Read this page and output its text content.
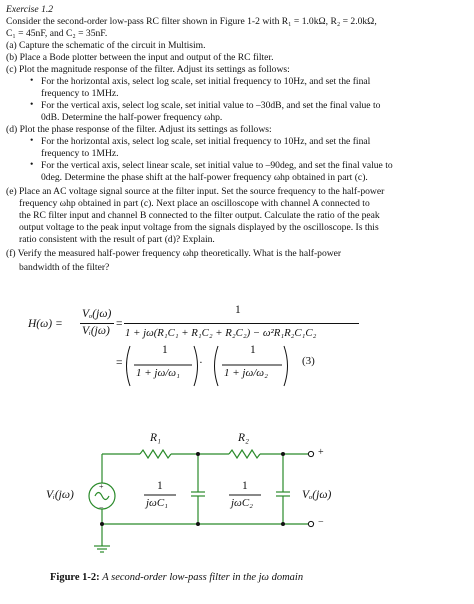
Exercise 1.2
Consider the second-order low-pass RC filter shown in Figure 1-2 with R₁ = 1.0kΩ, R₂ = 2.0kΩ,
C₁ = 45nF, and C₂ = 35nF.
(a) Capture the schematic of the circuit in Multisim.
(b) Place a Bode plotter between the input and output of the RC filter.
(c) Plot the magnitude response of the filter. Adjust its settings as follows:
• For the horizontal axis, select log scale, set initial frequency to 10Hz, and set the final
frequency to 1MHz.
• For the vertical axis, select log scale, set initial value to –30dB, and set the final value to
0dB. Determine the half-power frequency ωhp.
(d) Plot the phase response of the filter. Adjust its settings as follows:
• For the horizontal axis, select log scale, set initial frequency to 10Hz, and set the final
frequency to 1MHz.
• For the vertical axis, select linear scale, set initial value to –90deg, and set the final value to
0deg. Determine the phase shift at the half-power frequency ωhp obtained in part (c).
(e) Place an AC voltage signal source at the filter input. Set the source frequency to the half-power
frequency ωhp obtained in part (c). Next place an oscilloscope with channel A connected to
the RC filter input and channel B connected to the filter output. Calculate the ratio of the peak
output voltage to the peak input voltage from the signals displayed by the oscilloscope. Is this
ratio consistent with the result of part (d)? Explain.
(f) Verify the measured half-power frequency ωhp theoretically. What is the half-power
bandwidth of the filter?
H(ω) =
Vₒ(jω)
Vᵢ(jω)
=
1
1 + jω(R₁C₁ + R₁C₂ + R₂C₂) − ω²R₁R₂C₁C₂
=
1
1 + jω/ω₁
·
1
1 + jω/ω₂
(3)
R₁	R₂
Vᵢ(jω)
+
−
1
jωC₁
1
jωC₂
Vₒ(jω)
+
−
Figure 1-2: A second-order low-pass filter in the jω domain
